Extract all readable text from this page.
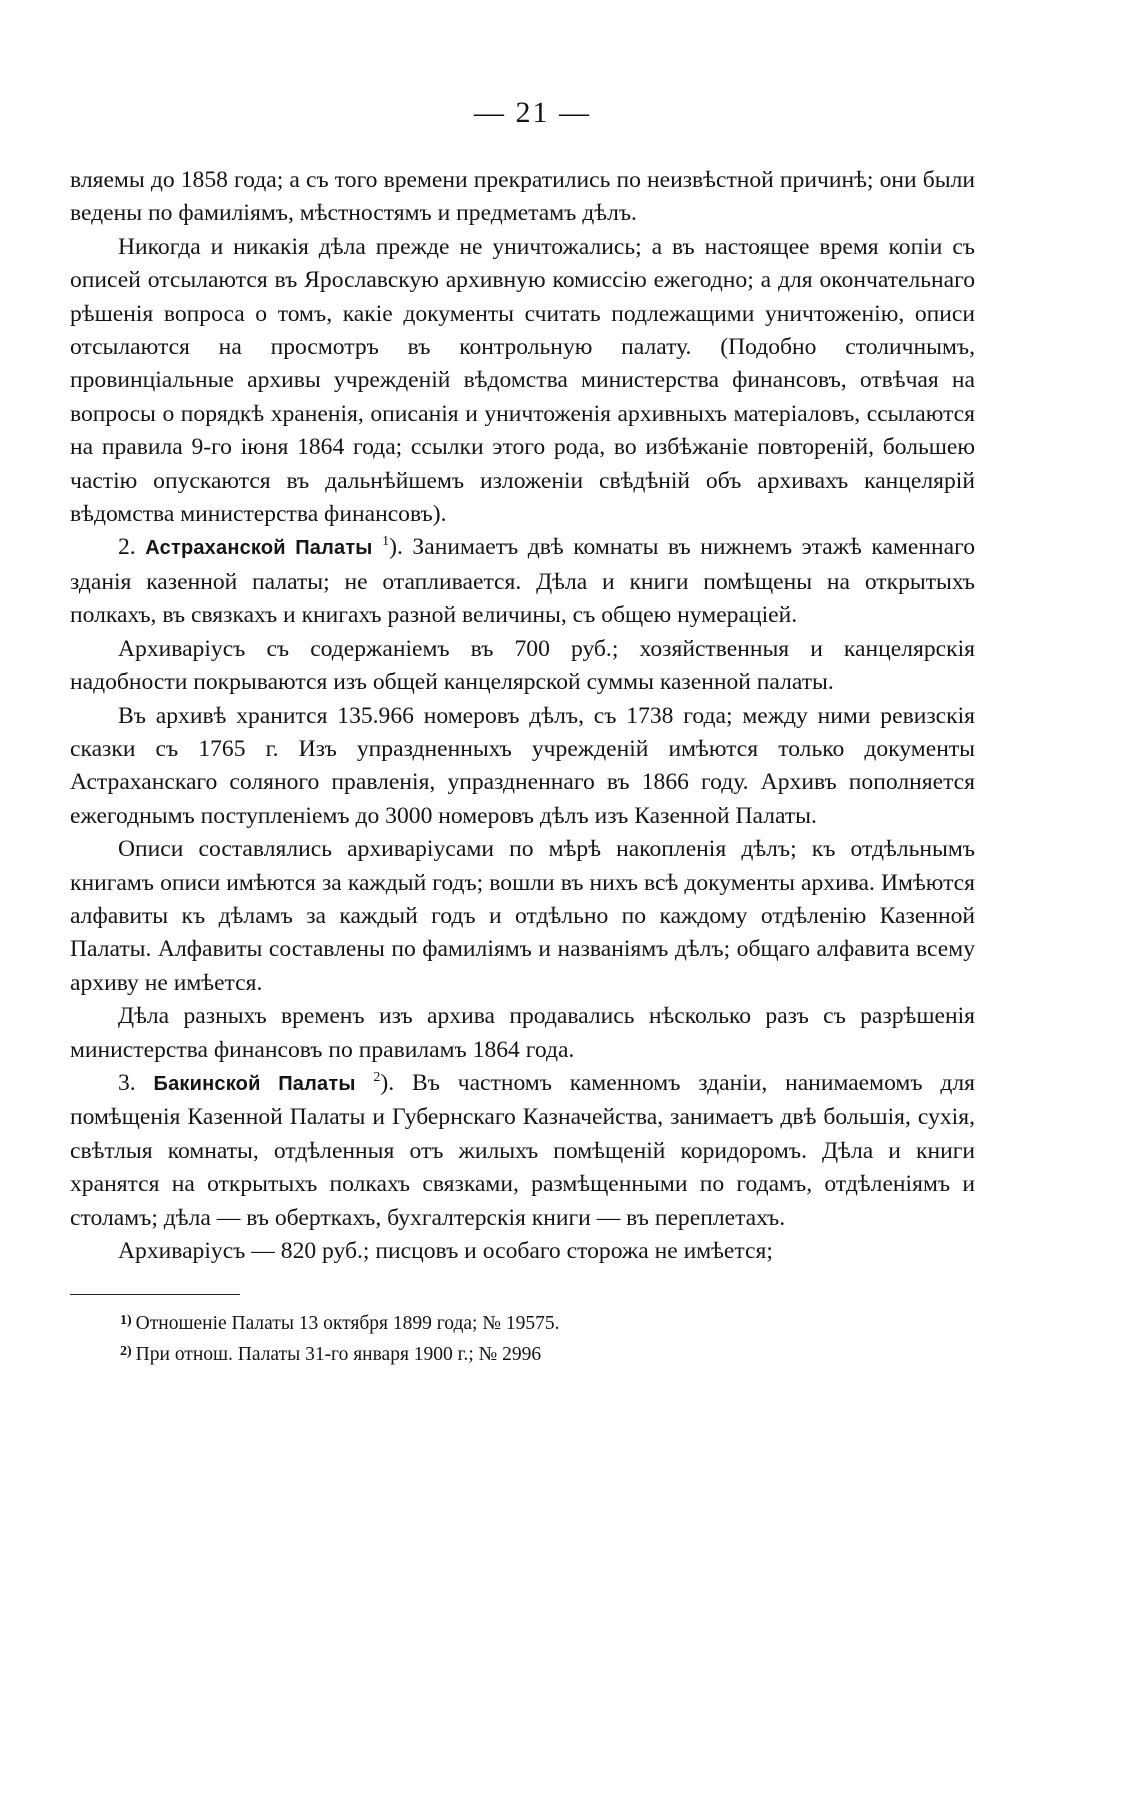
— 21 —

вляемы до 1858 года; а съ того времени прекратились по неизвѣстной причинѣ; они были ведены по фамиліямъ, мѣстностямъ и предметамъ дѣлъ.

Никогда и никакія дѣла прежде не уничтожались; а въ настоящее время копіи съ описей отсылаются въ Ярославскую архивную комиссію ежегодно; а для окончательнаго рѣшенія вопроса о томъ, какіе документы считать подлежащими уничтоженію, описи отсылаются на просмотръ въ контрольную палату. (Подобно столичнымъ, провинціальные архивы учрежденій вѣдомства министерства финансовъ, отвѣчая на вопросы о порядкѣ храненія, описанія и уничтоженія архивныхъ матеріаловъ, ссылаются на правила 9-го іюня 1864 года; ссылки этого рода, во избѣжаніе повтореній, большею частію опускаются въ дальнѣйшемъ изложеніи свѣдѣній объ архивахъ канцелярій вѣдомства министерства финансовъ).

2. Астраханской Палаты $^1$). Занимаетъ двѣ комнаты въ нижнемъ этажѣ каменнаго зданія казенной палаты; не отапливается. Дѣла и книги помѣщены на открытыхъ полкахъ, въ связкахъ и книгахъ разной величины, съ общею нумераціей.

Архиваріусъ съ содержаніемъ въ 700 руб.; хозяйственныя и канцелярскія надобности покрываются изъ общей канцелярской суммы казенной палаты.

Въ архивѣ хранится 135.966 номеровъ дѣлъ, съ 1738 года; между ними ревизскія сказки съ 1765 г. Изъ упраздненныхъ учрежденій имѣются только документы Астраханскаго соляного правленія, упраздненнаго въ 1866 году. Архивъ пополняется ежегоднымъ поступленіемъ до 3000 номеровъ дѣлъ изъ Казенной Палаты.

Описи составлялись архиваріусами по мѣрѣ накопленія дѣлъ; къ отдѣльнымъ книгамъ описи имѣются за каждый годъ; вошли въ нихъ всѣ документы архива. Имѣются алфавиты къ дѣламъ за каждый годъ и отдѣльно по каждому отдѣленію Казенной Палаты. Алфавиты составлены по фамиліямъ и названіямъ дѣлъ; общаго алфавита всему архиву не имѣется.

Дѣла разныхъ временъ изъ архива продавались нѣсколько разъ съ разрѣшенія министерства финансовъ по правиламъ 1864 года.

3. Бакинской Палаты $^2$). Въ частномъ каменномъ зданіи, нанимаемомъ для помѣщенія Казенной Палаты и Губернскаго Казначейства, занимаетъ двѣ большія, сухія, свѣтлыя комнаты, отдѣленныя отъ жилыхъ помѣщеній коридоромъ. Дѣла и книги хранятся на открытыхъ полкахъ связками, размѣщенными по годамъ, отдѣленіямъ и столамъ; дѣла — въ оберткахъ, бухгалтерскія книги — въ переплетахъ.

Архиваріусъ — 820 руб.; писцовъ и особаго сторожа не имѣется;

$^{1)}$ Отношеніе Палаты 13 октября 1899 года; № 19575.

$^{2)}$ При отнош. Палаты 31-го января 1900 г.; № 2996
